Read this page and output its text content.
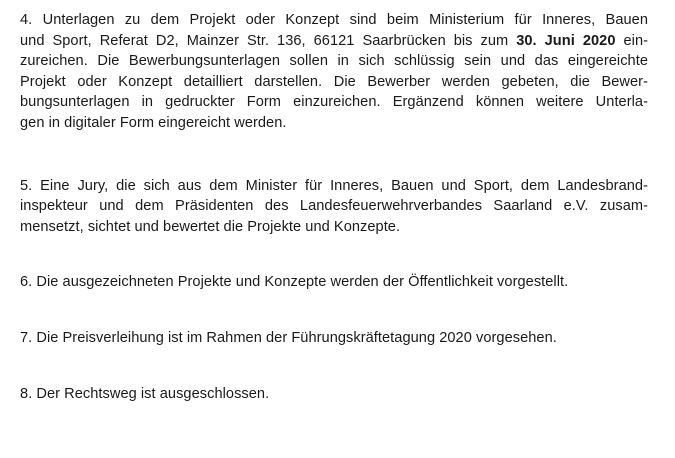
4. Unterlagen zu dem Projekt oder Konzept sind beim Ministerium für Inneres, Bauen
und Sport, Referat D2, Mainzer Str. 136, 66121 Saarbrücken bis zum 30. Juni 2020 ein-
zureichen. Die Bewerbungsunterlagen sollen in sich schlüssig sein und das eingereichte
Projekt oder Konzept detailliert darstellen. Die Bewerber werden gebeten, die Bewer-
bungsunterlagen in gedruckter Form einzureichen. Ergänzend können weitere Unterla-
gen in digitaler Form eingereicht werden.

5. Eine Jury, die sich aus dem Minister für Inneres, Bauen und Sport, dem Landesbrand-
inspekteur und dem Präsidenten des Landesfeuerwehrverbandes Saarland e.V. zusam-
mensetzt, sichtet und bewertet die Projekte und Konzepte.

6. Die ausgezeichneten Projekte und Konzepte werden der Öffentlichkeit vorgestellt.

7. Die Preisverleihung ist im Rahmen der Führungskräftetagung 2020 vorgesehen.

8. Der Rechtsweg ist ausgeschlossen.
